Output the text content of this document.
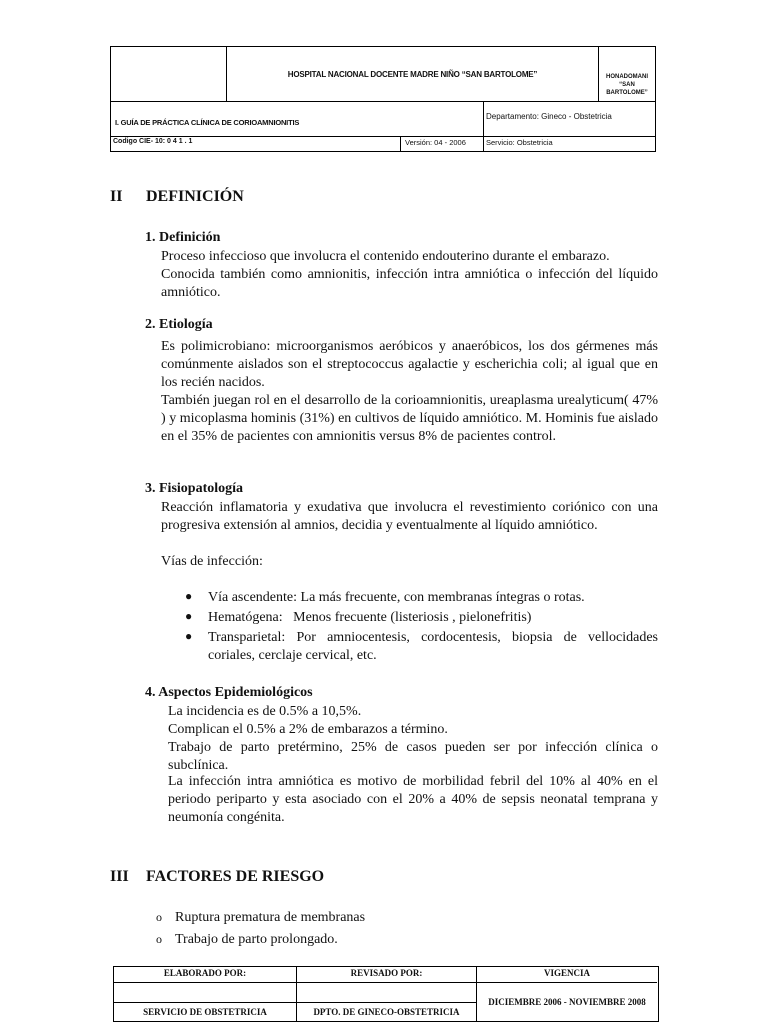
HOSPITAL NACIONAL DOCENTE MADRE NIÑO “SAN BARTOLOME”	HONADOMANI
“SAN
BARTOLOME”
I. GUÍA DE PRÁCTICA CLÍNICA DE CORIOAMNIONITIS
Departamento: Gineco - Obstetricia
Codigo CIE- 10: 0 4 1 . 1	Versión: 04 - 2006	Servicio: Obstetricia
II DEFINICIÓN
1. Definición
Proceso infeccioso que involucra el contenido endouterino durante el embarazo.
Conocida también como amnionitis, infección intra amniótica o infección del líquido amniótico.
2. Etiología
Es polimicrobiano: microorganismos aeróbicos y anaeróbicos, los dos gérmenes más comúnmente aislados son el streptococcus agalactie y escherichia coli; al igual que en los recién nacidos.
También juegan rol en el desarrollo de la corioamnionitis, ureaplasma urealyticum( 47% ) y micoplasma hominis (31%) en cultivos de líquido amniótico. M. Hominis fue aislado en el 35% de pacientes con amnionitis versus 8% de pacientes control.
3. Fisiopatología
Reacción inflamatoria y exudativa que involucra el revestimiento coriónico con una progresiva extensión al amnios, decidia y eventualmente al líquido amniótico.
Vías de infección:
● Vía ascendente: La más frecuente, con membranas íntegras o rotas.
● Hematógena:   Menos frecuente (listeriosis , pielonefritis)
● Transparietal: Por amniocentesis, cordocentesis, biopsia de vellocidades coriales, cerclaje cervical, etc.
4. Aspectos Epidemiológicos
La incidencia es de 0.5% a 10,5%.
Complican el 0.5% a 2% de embarazos a término.
Trabajo de parto pretérmino, 25% de casos pueden ser por infección clínica o subclínica.
La infección intra amniótica es motivo de morbilidad febril del 10% al 40% en el periodo periparto y esta asociado con el 20% a 40% de sepsis neonatal temprana y neumonía congénita.
III FACTORES DE RIESGO
o Ruptura prematura de membranas
o Trabajo de parto prolongado.
ELABORADO POR:	REVISADO POR:	VIGENCIA
SERVICIO DE OBSTETRICIA	DPTO. DE GINECO-OBSTETRICIA
DICIEMBRE 2006 - NOVIEMBRE 2008
